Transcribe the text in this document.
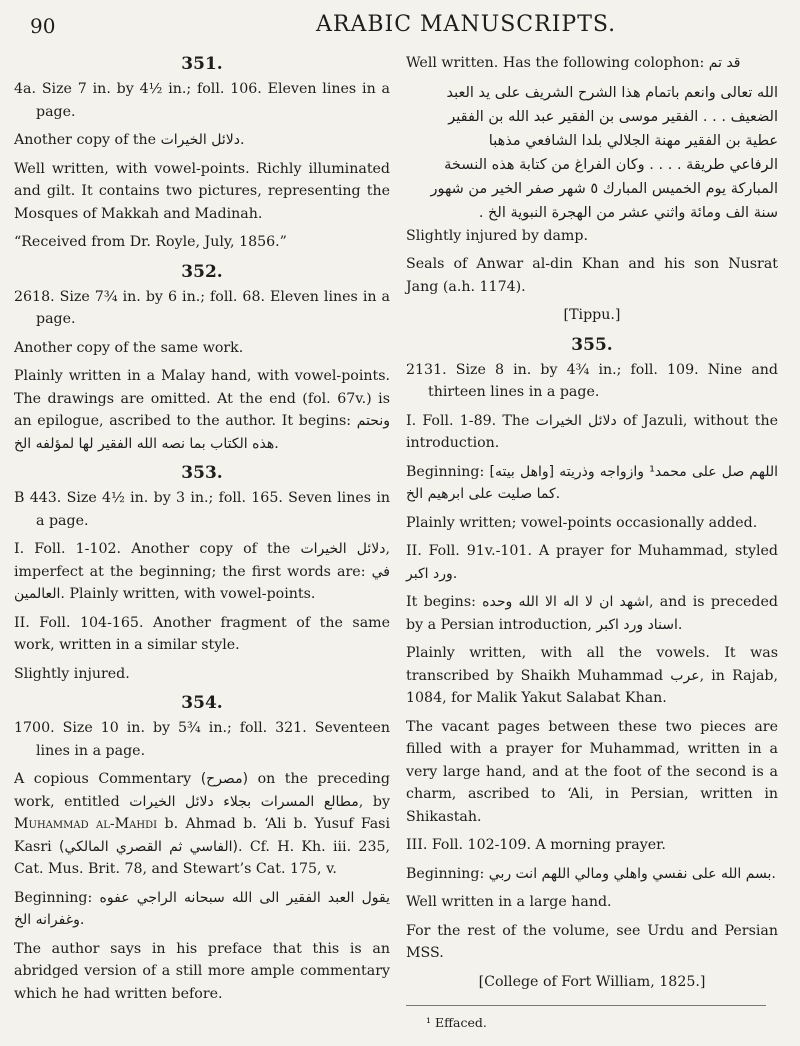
90	ARABIC MANUSCRIPTS.
351.

4a. Size 7 in. by 4½ in.; foll. 106. Eleven lines in a page.

Another copy of the دلائل الخيرات.

Well written, with vowel-points. Richly illuminated and gilt. It contains two pictures, representing the Mosques of Makkah and Madinah.

“Received from Dr. Royle, July, 1856.”

352.

2618. Size 7¾ in. by 6 in.; foll. 68. Eleven lines in a page.

Another copy of the same work.

Plainly written in a Malay hand, with vowel-points. The drawings are omitted. At the end (fol. 67v.) is an epilogue, ascribed to the author. It begins: ونحتم هذه الكتاب بما نصه الله الفقير لها لمؤلفه الخ.

353.

B 443. Size 4½ in. by 3 in.; foll. 165. Seven lines in a page.

I. Foll. 1-102. Another copy of the دلائل الخيرات, imperfect at the beginning; the first words are: في العالمين. Plainly written, with vowel-points.

II. Foll. 104-165. Another fragment of the same work, written in a similar style.

Slightly injured.

354.

1700. Size 10 in. by 5¾ in.; foll. 321. Seventeen lines in a page.

A copious Commentary (مصرح) on the preceding work, entitled مطالع المسرات بجلاء دلائل الخيرات, by Muhammad al-Mahdi b. Ahmad b. ‘Ali b. Yusuf Fasi Kasri (الفاسي ثم القصري المالكي). Cf. H. Kh. iii. 235, Cat. Mus. Brit. 78, and Stewart’s Cat. 175, v.

Beginning: يقول العبد الفقير الى الله سبحانه الراجي عفوه وغفرانه الخ.

The author says in his preface that this is an abridged version of a still more ample commentary which he had written before.

Well written. Has the following colophon: قد تم

الله تعالى وانعم باتمام هذا الشرح الشريف على يد العبد

الضعيف . . . الفقير موسى بن الفقير عبد الله بن الفقير

عطية بن الفقير مهنة الجلالي بلدا الشافعي مذهبا

الرفاعي طريقة . . . . وكان الفراغ من كتابة هذه النسخة

المباركة يوم الخميس المبارك ٥ شهر صفر الخير من شهور

سنة الف ومائة واثني عشر من الهجرة النبوية الخ .

Slightly injured by damp.

Seals of Anwar al-din Khan and his son Nusrat Jang (a.h. 1174).

[Tippu.]

355.

2131. Size 8 in. by 4¾ in.; foll. 109. Nine and thirteen lines in a page.

I. Foll. 1-89. The دلائل الخيرات of Jazuli, without the introduction.

Beginning: اللهم صل على محمد¹ وازواجه وذريته [واهل بيته] كما صليت على ابرهيم الخ.

Plainly written; vowel-points occasionally added.

II. Foll. 91v.-101. A prayer for Muhammad, styled ورد اكبر.

It begins: اشهد ان لا اله الا الله وحده, and is preceded by a Persian introduction, اسناد ورد اكبر.

Plainly written, with all the vowels. It was transcribed by Shaikh Muhammad عرب, in Rajab, 1084, for Malik Yakut Salabat Khan.

The vacant pages between these two pieces are filled with a prayer for Muhammad, written in a very large hand, and at the foot of the second is a charm, ascribed to ‘Ali, in Persian, written in Shikastah.

III. Foll. 102-109. A morning prayer.

Beginning: بسم الله على نفسي واهلي ومالي اللهم انت ربي.

Well written in a large hand.

For the rest of the volume, see Urdu and Persian MSS.

[College of Fort William, 1825.]

¹ Effaced.
